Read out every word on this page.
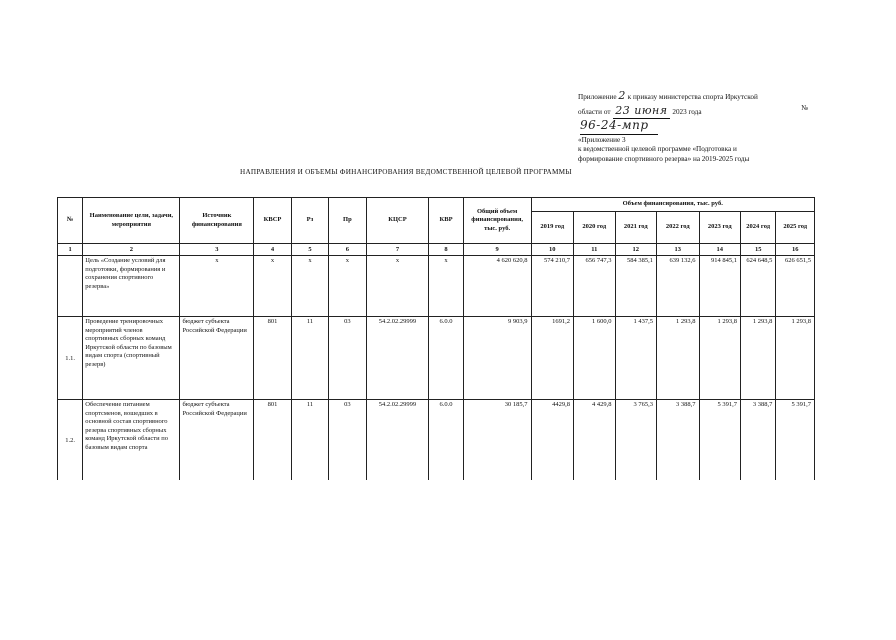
Приложение 2 к приказу министерства спорта Иркутской
области от 23 июня 2023 года	№
96-24-мпр
«Приложение 3
к ведомственной целевой программе «Подготовка и
формирование спортивного резерва» на 2019-2025 годы
НАПРАВЛЕНИЯ И ОБЪЕМЫ ФИНАНСИРОВАНИЯ ВЕДОМСТВЕННОЙ ЦЕЛЕВОЙ ПРОГРАММЫ
№	Наименование цели, задачи, мероприятия	Источник финансирования	КВСР	Рз	Пр	КЦСР	КВР	Общий объем финансирования, тыс. руб.	Объем финансирования, тыс. руб.						
									2019 год	2020 год	2021 год	2022 год	2023 год	2024 год	2025 год
1	2	3	4	5	6	7	8	9	10	11	12	13	14	15	16
	Цель «Создание условий для подготовки, формирования и сохранения спортивного резерва»	х	х	х	х	х	х	4 620 620,8	574 210,7	656 747,3	584 385,1	639 132,6	914 845,1	624 648,5	626 651,5
1.1.	Проведение тренировочных мероприятий членов спортивных сборных команд Иркутской области по базовым видам спорта (спортивный резерв)	бюджет субъекта Российской Федерации	801	11	03	54.2.02.29999	6.0.0	9 903,9	1691,2	1 600,0	1 437,5	1 293,8	1 293,8	1 293,8	1 293,8
1.2.	Обеспечение питанием спортсменов, вошедших в основной состав спортивного резерва спортивных сборных команд Иркутской области по базовым видам спорта	бюджет субъекта Российской Федерации	801	11	03	54.2.02.29999	6.0.0	30 185,7	4429,8	4 429,8	3 765,3	3 388,7	5 391,7	3 388,7	5 391,7
